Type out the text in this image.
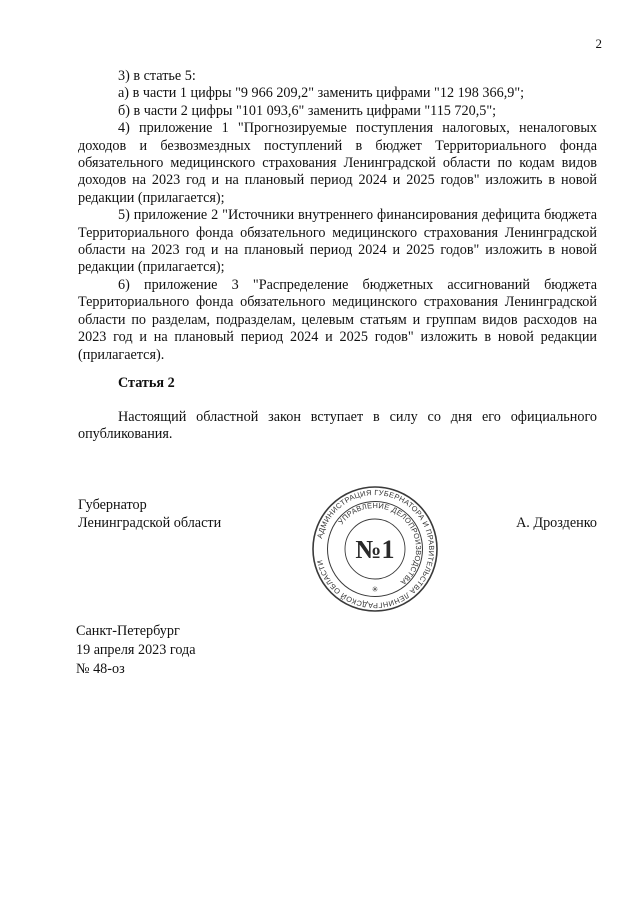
2

3) в статье 5:

а) в части 1 цифры "9 966 209,2" заменить цифрами "12 198 366,9";

б) в части 2 цифры "101 093,6" заменить цифрами "115 720,5";

4) приложение 1 "Прогнозируемые поступления налоговых, неналоговых доходов и безвозмездных поступлений в бюджет Территориального фонда обязательного медицинского страхования Ленинградской области по кодам видов доходов на 2023 год и на плановый период 2024 и 2025 годов" изложить в новой редакции (прилагается);

5) приложение 2 "Источники внутреннего финансирования дефицита бюджета Территориального фонда обязательного медицинского страхования Ленинградской области на 2023 год и на плановый период 2024 и 2025 годов" изложить в новой редакции (прилагается);

6) приложение 3 "Распределение бюджетных ассигнований бюджета Территориального фонда обязательного медицинского страхования Ленинградской области по разделам, подразделам, целевым статьям и группам видов расходов на 2023 год и на плановый период 2024 и 2025 годов" изложить в новой редакции (прилагается).

Статья 2

Настоящий областной закон вступает в силу со дня его официального опубликования.

Губернатор
Ленинградской области	А. Дрозденко
АДМИНИСТРАЦИЯ ГУБЕРНАТОРА И ПРАВИТЕЛЬСТВА ЛЕНИНГРАДСКОЙ ОБЛАСТИ
УПРАВЛЕНИЕ ДЕЛОПРОИЗВОДСТВА
№1
✳
Санкт-Петербург
19 апреля 2023 года
№ 48-оз
